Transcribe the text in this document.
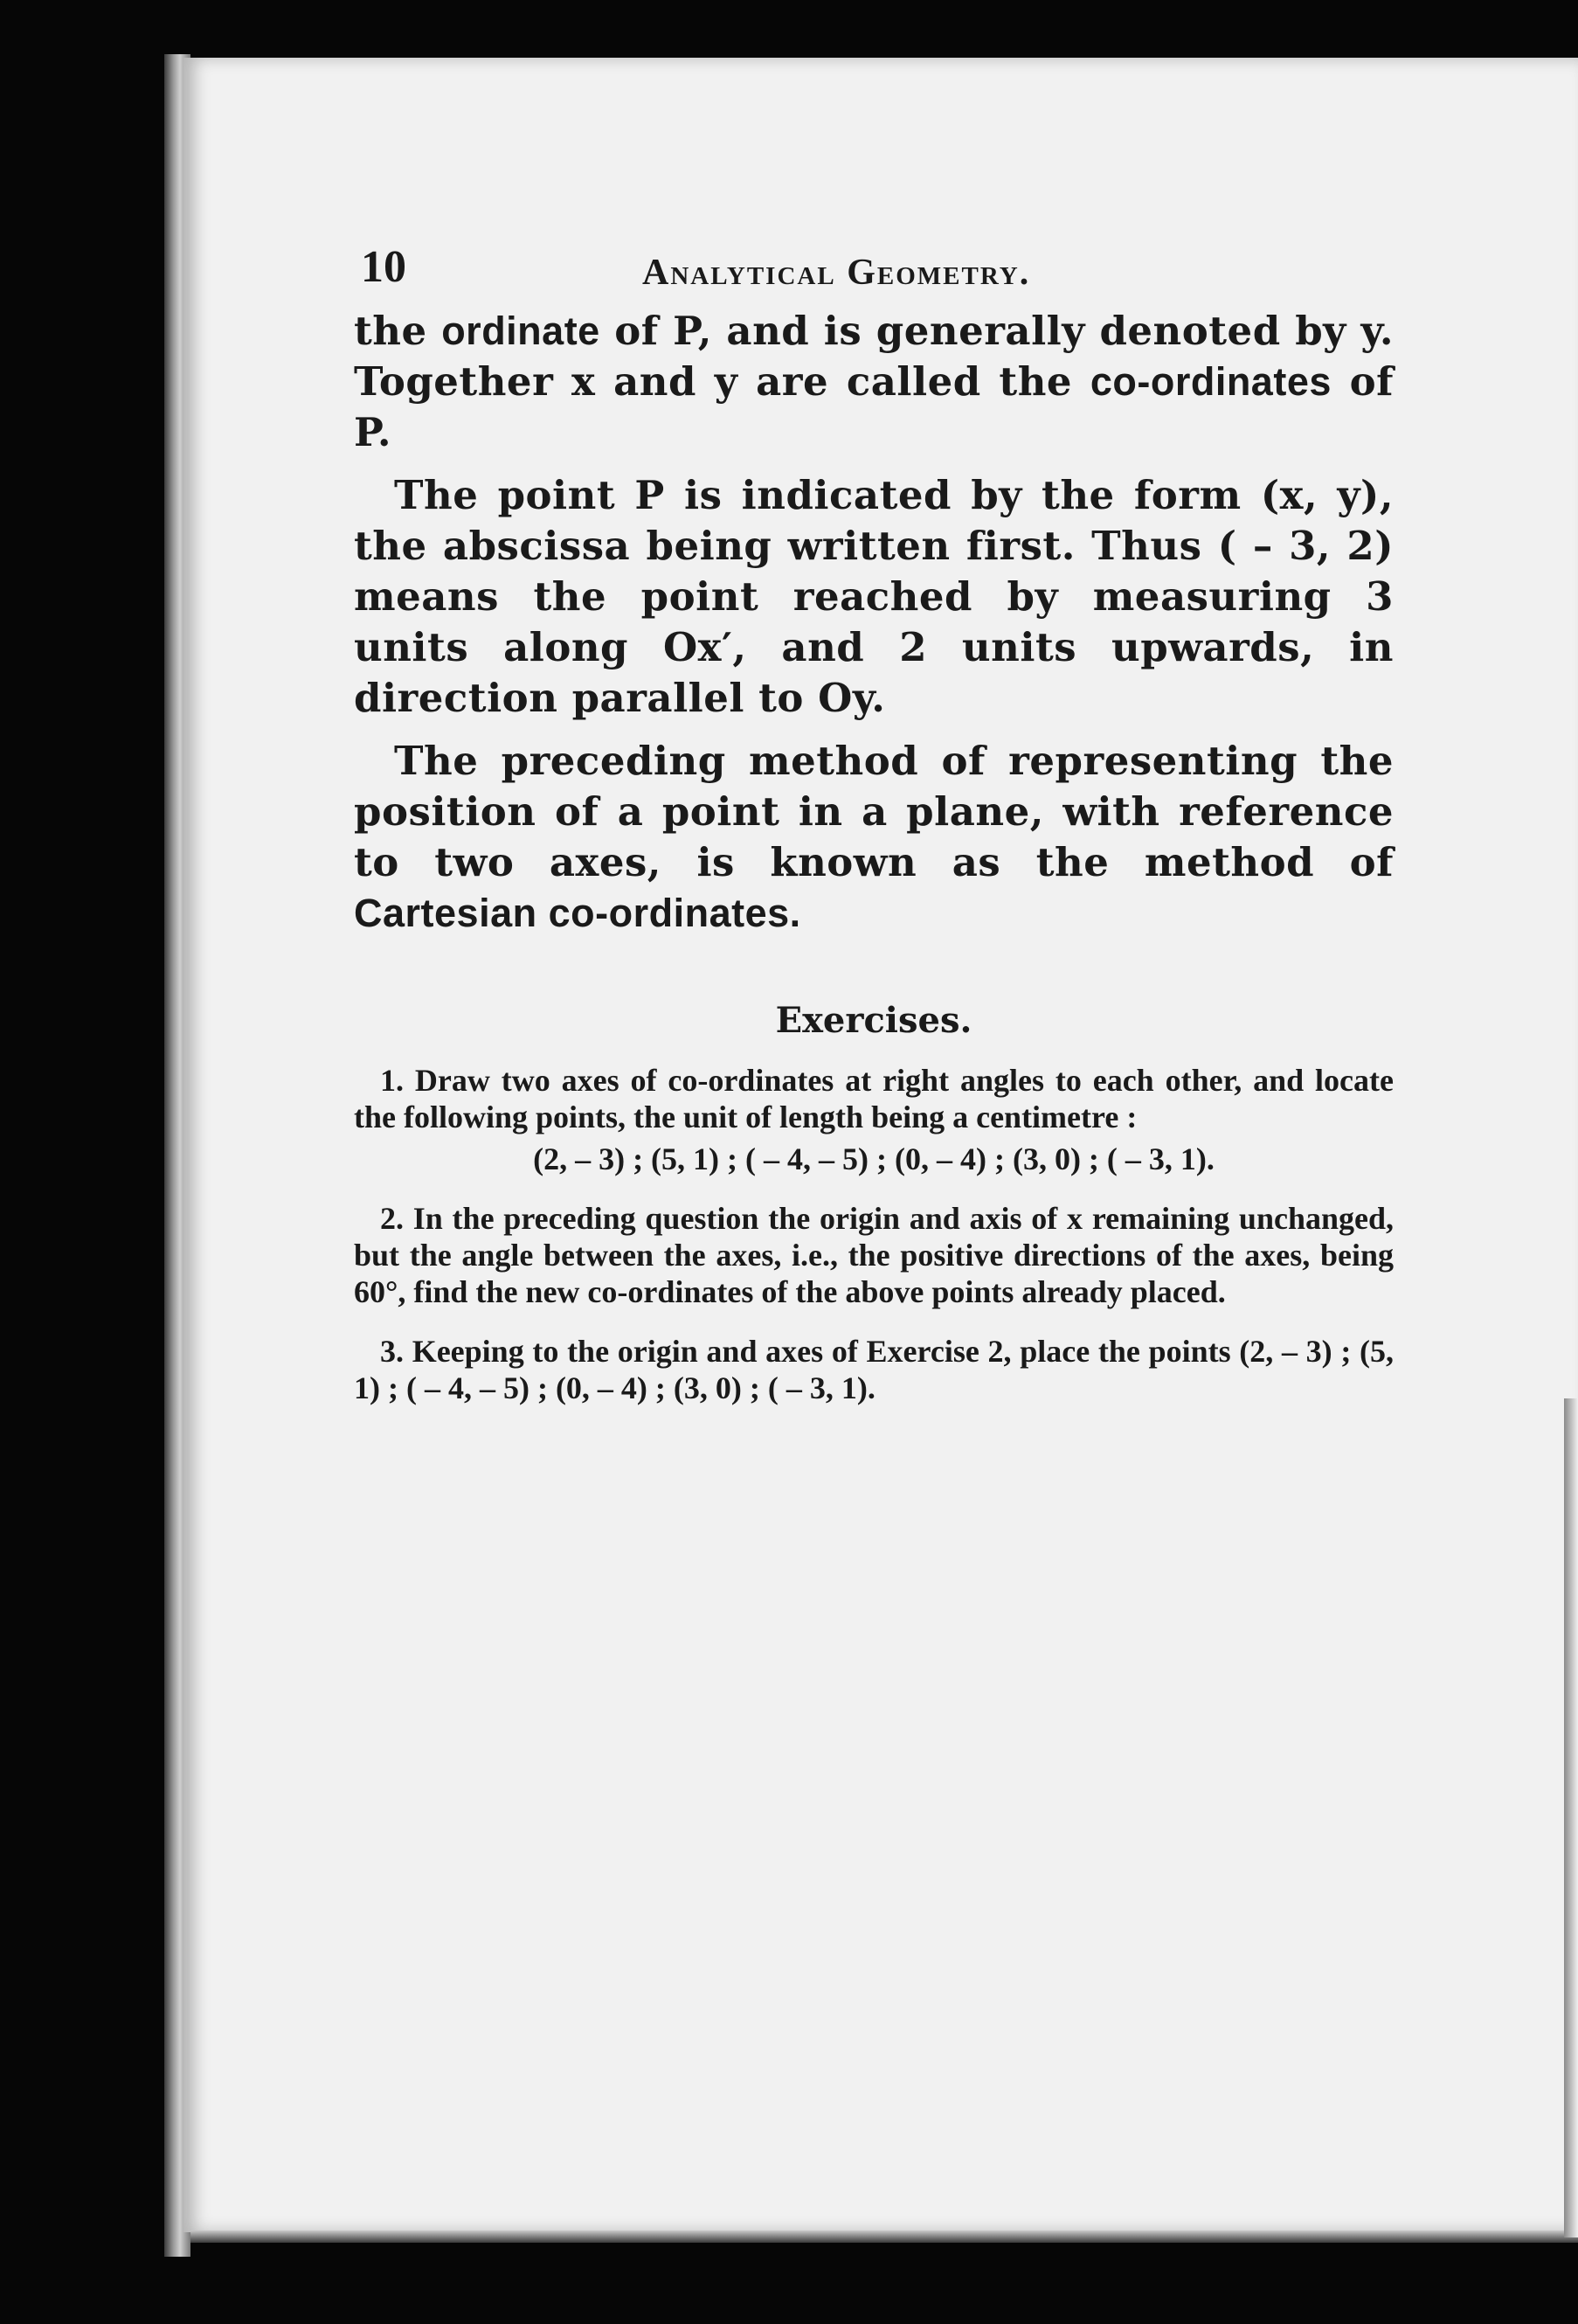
10	Analytical Geometry.

the ordinate of P, and is generally denoted by y. Together x and y are called the co-ordinates of P.

The point P is indicated by the form (x, y), the abscissa being written first. Thus ( – 3, 2) means the point reached by measuring 3 units along Ox′, and 2 units upwards, in direction parallel to Oy.

The preceding method of representing the position of a point in a plane, with reference to two axes, is known as the method of Cartesian co-ordinates.

Exercises.
1. Draw two axes of co-ordinates at right angles to each other, and locate the following points, the unit of length being a centimetre :
(2, – 3) ; (5, 1) ; ( – 4, – 5) ; (0, – 4) ; (3, 0) ; ( – 3, 1).
2. In the preceding question the origin and axis of x remaining unchanged, but the angle between the axes, i.e., the positive directions of the axes, being 60°, find the new co-ordinates of the above points already placed.
3. Keeping to the origin and axes of Exercise 2, place the points (2, – 3) ; (5, 1) ; ( – 4, – 5) ; (0, – 4) ; (3, 0) ; ( – 3, 1).
